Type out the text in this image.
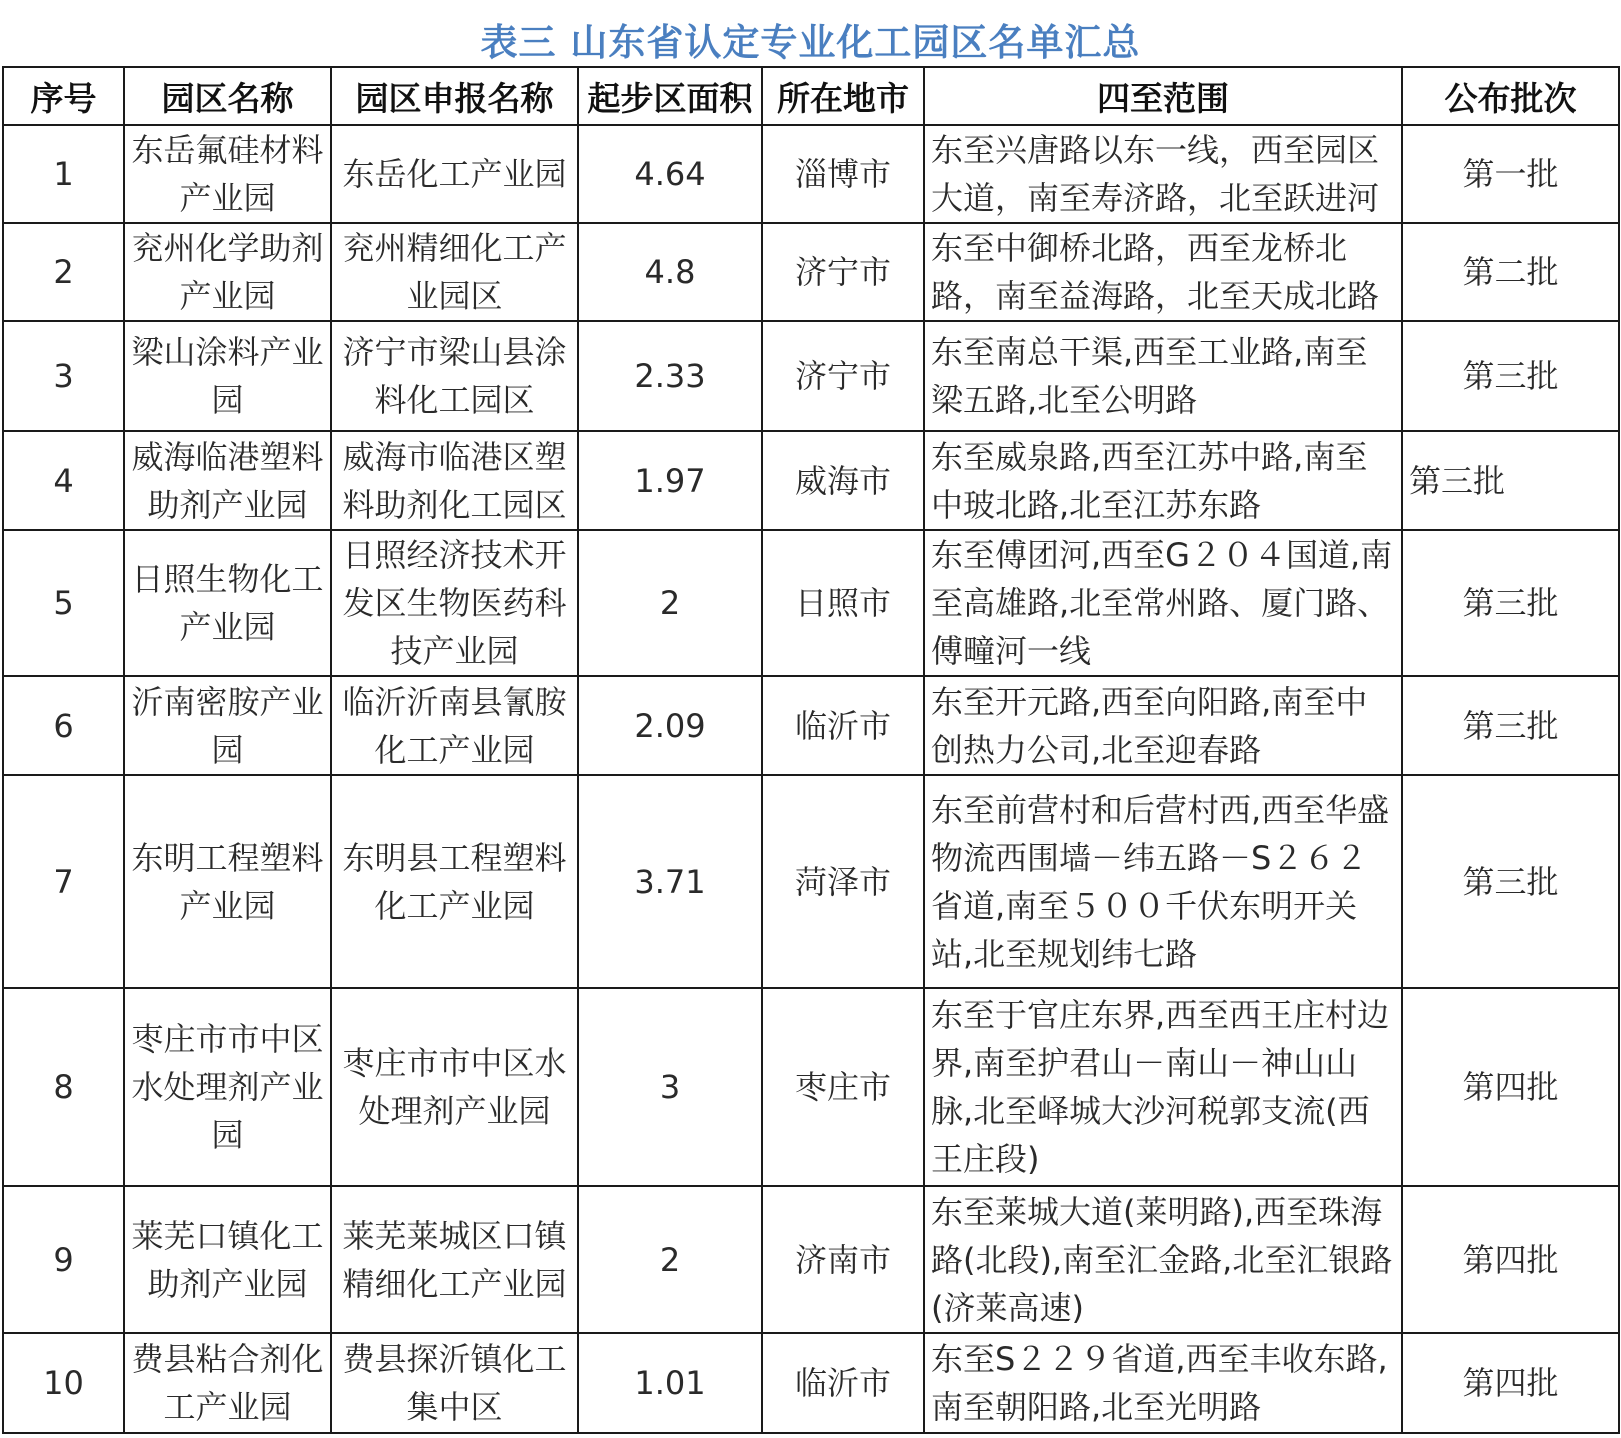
表三 山东省认定专业化工园区名单汇总
序号	园区名称	园区申报名称	起步区面积	所在地市	四至范围	公布批次
1	东岳氟硅材料产业园	东岳化工产业园	4.64	淄博市	东至兴唐路以东一线，西至园区大道，南至寿济路，北至跃进河	第一批
2	兖州化学助剂产业园	兖州精细化工产业园区	4.8	济宁市	东至中御桥北路，西至龙桥北路，南至益海路，北至天成北路	第二批
3	梁山涂料产业园	济宁市梁山县涂料化工园区	2.33	济宁市	东至南总干渠,西至工业路,南至梁五路,北至公明路	第三批
4	威海临港塑料助剂产业园	威海市临港区塑料助剂化工园区	1.97	威海市	东至威泉路,西至江苏中路,南至中玻北路,北至江苏东路	第三批
5	日照生物化工产业园	日照经济技术开发区生物医药科技产业园	2	日照市	东至傅团河,西至G２０４国道,南至高雄路,北至常州路、厦门路、傅疃河一线	第三批
6	沂南密胺产业园	临沂沂南县氰胺化工产业园	2.09	临沂市	东至开元路,西至向阳路,南至中创热力公司,北至迎春路	第三批
7	东明工程塑料产业园	东明县工程塑料化工产业园	3.71	菏泽市	东至前营村和后营村西,西至华盛物流西围墙－纬五路－S２６２省道,南至５００千伏东明开关站,北至规划纬七路	第三批
8	枣庄市市中区水处理剂产业园	枣庄市市中区水处理剂产业园	3	枣庄市	东至于官庄东界,西至西王庄村边界,南至护君山－南山－神山山脉,北至峄城大沙河税郭支流(西王庄段)	第四批
9	莱芜口镇化工助剂产业园	莱芜莱城区口镇精细化工产业园	2	济南市	东至莱城大道(莱明路),西至珠海路(北段),南至汇金路,北至汇银路(济莱高速)	第四批
10	费县粘合剂化工产业园	费县探沂镇化工集中区	1.01	临沂市	东至S２２９省道,西至丰收东路,南至朝阳路,北至光明路	第四批
